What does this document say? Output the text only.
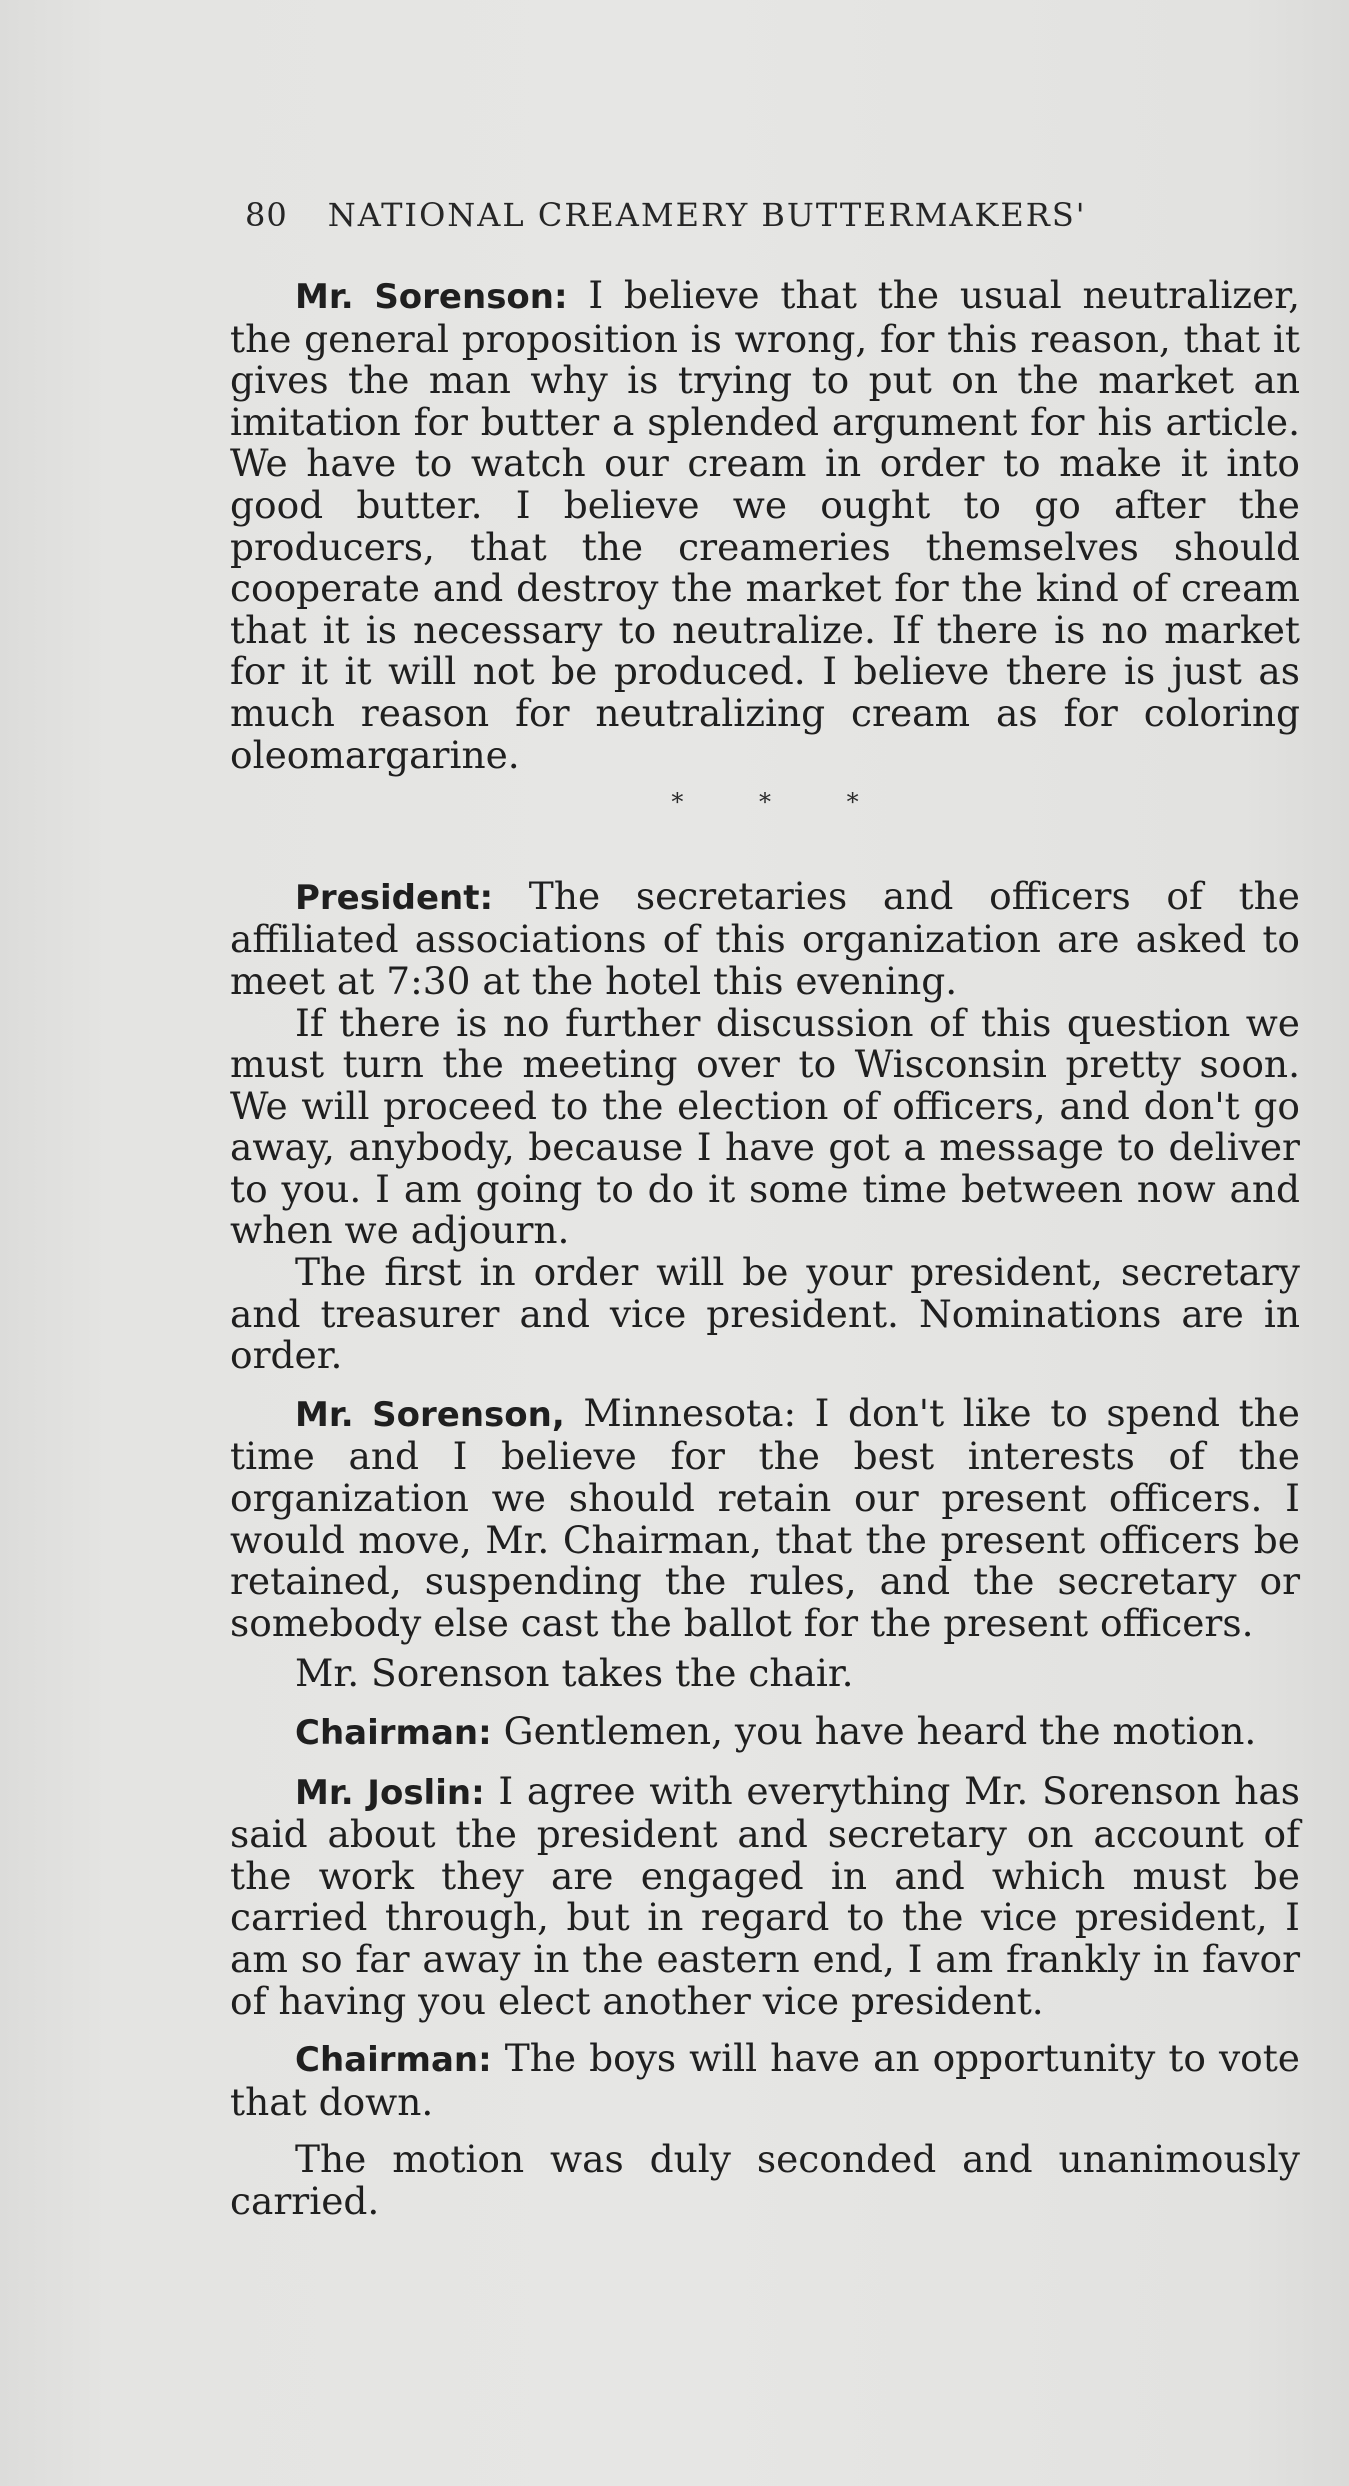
80 NATIONAL CREAMERY BUTTERMAKERS'

Mr. Sorenson: I believe that the usual neutralizer, the general proposition is wrong, for this reason, that it gives the man why is trying to put on the market an imitation for butter a splended argument for his article. We have to watch our cream in order to make it into good butter. I believe we ought to go after the producers, that the creameries themselves should cooperate and destroy the market for the kind of cream that it is necessary to neutralize. If there is no market for it it will not be produced. I believe there is just as much reason for neutralizing cream as for coloring oleomargarine.

* * *

President: The secretaries and officers of the affiliated associations of this organization are asked to meet at 7:30 at the hotel this evening.

If there is no further discussion of this question we must turn the meeting over to Wisconsin pretty soon. We will proceed to the election of officers, and don't go away, anybody, because I have got a message to deliver to you. I am going to do it some time between now and when we adjourn.

The first in order will be your president, secretary and treasurer and vice president. Nominations are in order.

Mr. Sorenson, Minnesota: I don't like to spend the time and I believe for the best interests of the organization we should retain our present officers. I would move, Mr. Chairman, that the present officers be retained, suspending the rules, and the secretary or somebody else cast the ballot for the present officers.

Mr. Sorenson takes the chair.

Chairman: Gentlemen, you have heard the motion.

Mr. Joslin: I agree with everything Mr. Sorenson has said about the president and secretary on account of the work they are engaged in and which must be carried through, but in regard to the vice president, I am so far away in the eastern end, I am frankly in favor of having you elect another vice president.

Chairman: The boys will have an opportunity to vote that down.

The motion was duly seconded and unanimously carried.
